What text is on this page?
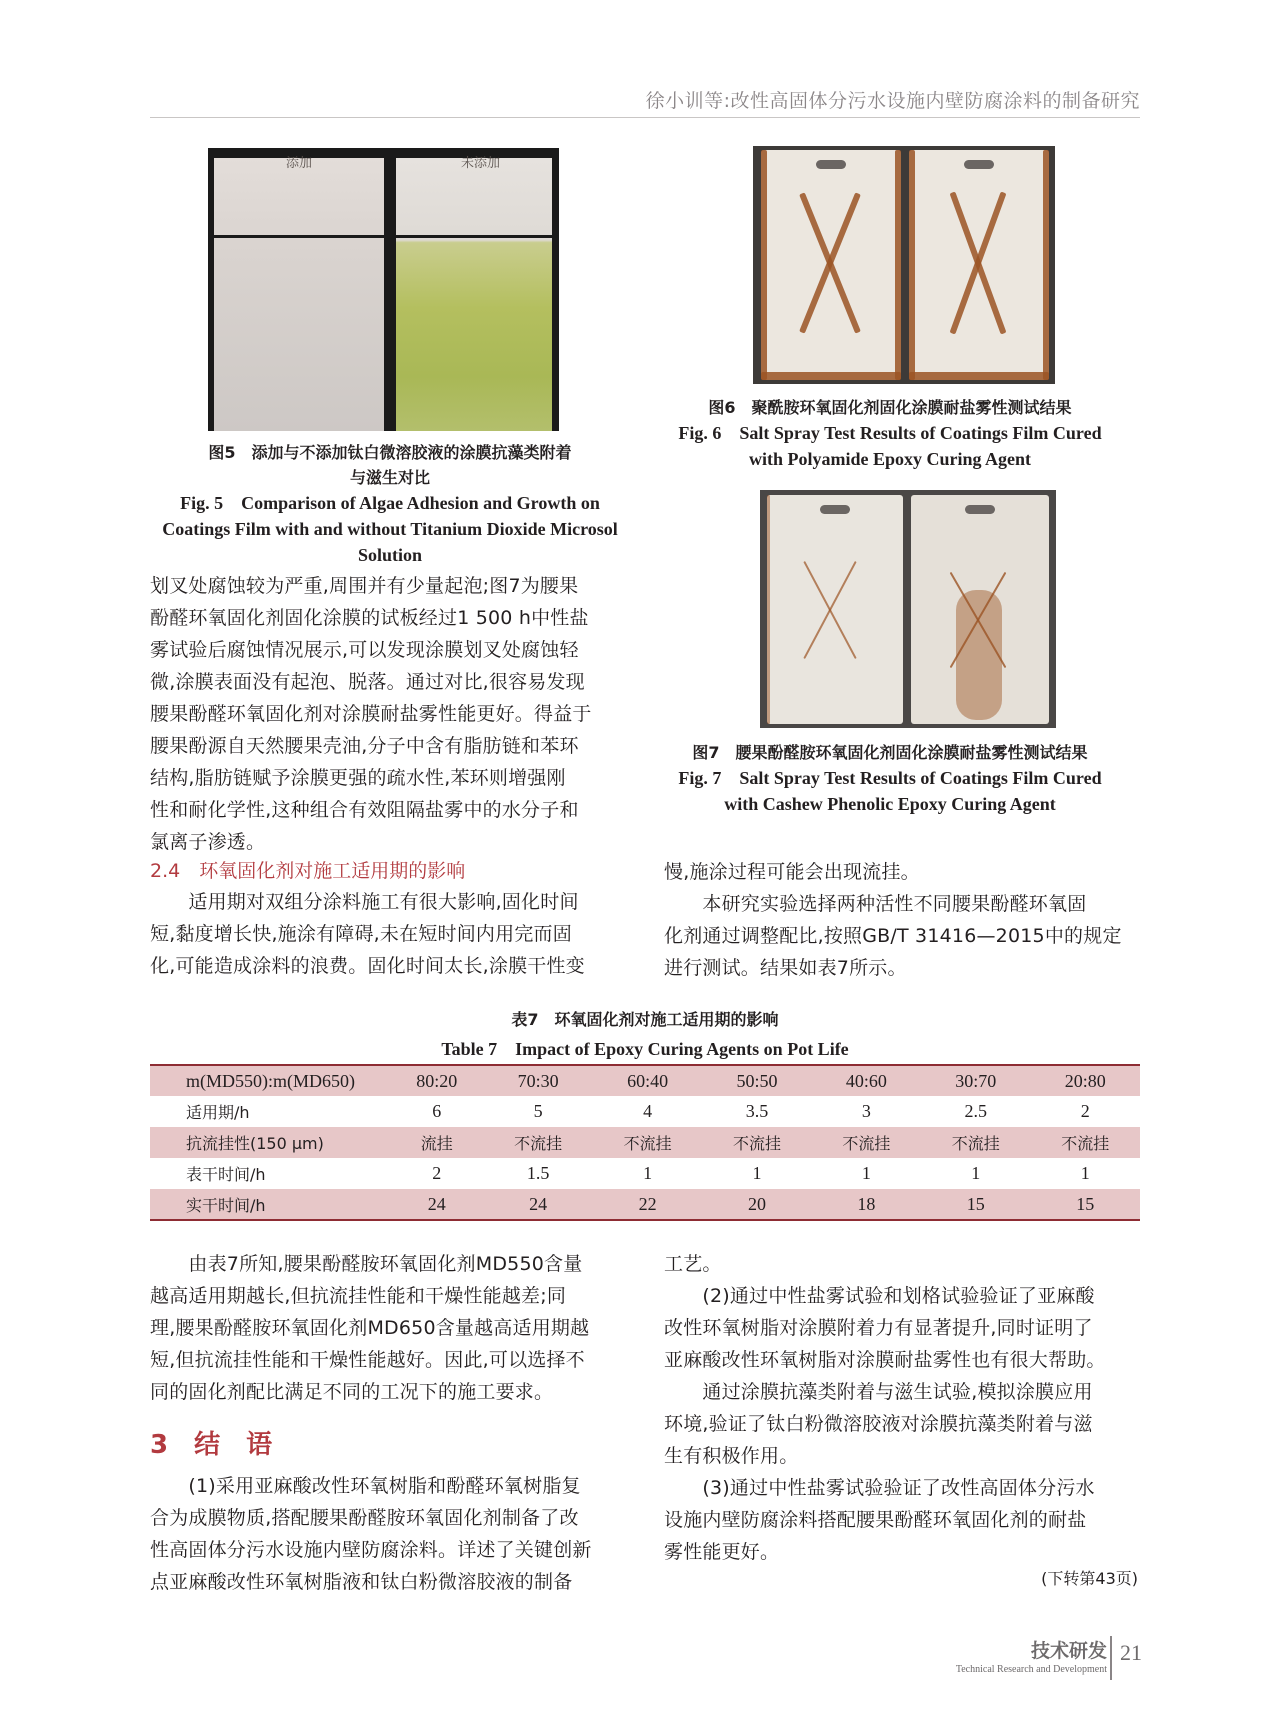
徐小训等:改性高固体分污水设施内壁防腐涂料的制备研究
添加	未添加
图5　添加与不添加钛白微溶胶液的涂膜抗藻类附着
与滋生对比
Fig. 5　Comparison of Algae Adhesion and Growth on
Coatings Film with and without Titanium Dioxide Microsol
Solution
图6　聚酰胺环氧固化剂固化涂膜耐盐雾性测试结果
Fig. 6　Salt Spray Test Results of Coatings Film Cured
with Polyamide Epoxy Curing Agent
图7　腰果酚醛胺环氧固化剂固化涂膜耐盐雾性测试结果
Fig. 7　Salt Spray Test Results of Coatings Film Cured
with Cashew Phenolic Epoxy Curing Agent
划叉处腐蚀较为严重,周围并有少量起泡;图7为腰果
酚醛环氧固化剂固化涂膜的试板经过1 500 h中性盐
雾试验后腐蚀情况展示,可以发现涂膜划叉处腐蚀轻
微,涂膜表面没有起泡、脱落。通过对比,很容易发现
腰果酚醛环氧固化剂对涂膜耐盐雾性能更好。得益于
腰果酚源自天然腰果壳油,分子中含有脂肪链和苯环
结构,脂肪链赋予涂膜更强的疏水性,苯环则增强刚
性和耐化学性,这种组合有效阻隔盐雾中的水分子和
氯离子渗透。
2.4　环氧固化剂对施工适用期的影响
　　适用期对双组分涂料施工有很大影响,固化时间
短,黏度增长快,施涂有障碍,未在短时间内用完而固
化,可能造成涂料的浪费。固化时间太长,涂膜干性变
慢,施涂过程可能会出现流挂。
　　本研究实验选择两种活性不同腰果酚醛环氧固
化剂通过调整配比,按照GB/T 31416—2015中的规定
进行测试。结果如表7所示。
表7　环氧固化剂对施工适用期的影响
Table 7　Impact of Epoxy Curing Agents on Pot Life
m(MD550):m(MD650)	80:20	70:30	60:40	50:50	40:60	30:70	20:80
适用期/h	6	5	4	3.5	3	2.5	2
抗流挂性(150 μm)	流挂	不流挂	不流挂	不流挂	不流挂	不流挂	不流挂
表干时间/h	2	1.5	1	1	1	1	1
实干时间/h	24	24	22	20	18	15	15
　　由表7所知,腰果酚醛胺环氧固化剂MD550含量
越高适用期越长,但抗流挂性能和干燥性能越差;同
理,腰果酚醛胺环氧固化剂MD650含量越高适用期越
短,但抗流挂性能和干燥性能越好。因此,可以选择不
同的固化剂配比满足不同的工况下的施工要求。
3　结　语
　　(1)采用亚麻酸改性环氧树脂和酚醛环氧树脂复
合为成膜物质,搭配腰果酚醛胺环氧固化剂制备了改
性高固体分污水设施内壁防腐涂料。详述了关键创新
点亚麻酸改性环氧树脂液和钛白粉微溶胶液的制备
工艺。
　　(2)通过中性盐雾试验和划格试验验证了亚麻酸
改性环氧树脂对涂膜附着力有显著提升,同时证明了
亚麻酸改性环氧树脂对涂膜耐盐雾性也有很大帮助。
　　通过涂膜抗藻类附着与滋生试验,模拟涂膜应用
环境,验证了钛白粉微溶胶液对涂膜抗藻类附着与滋
生有积极作用。
　　(3)通过中性盐雾试验验证了改性高固体分污水
设施内壁防腐涂料搭配腰果酚醛环氧固化剂的耐盐
雾性能更好。
(下转第43页)
技术研发
Technical Research and Development
21
